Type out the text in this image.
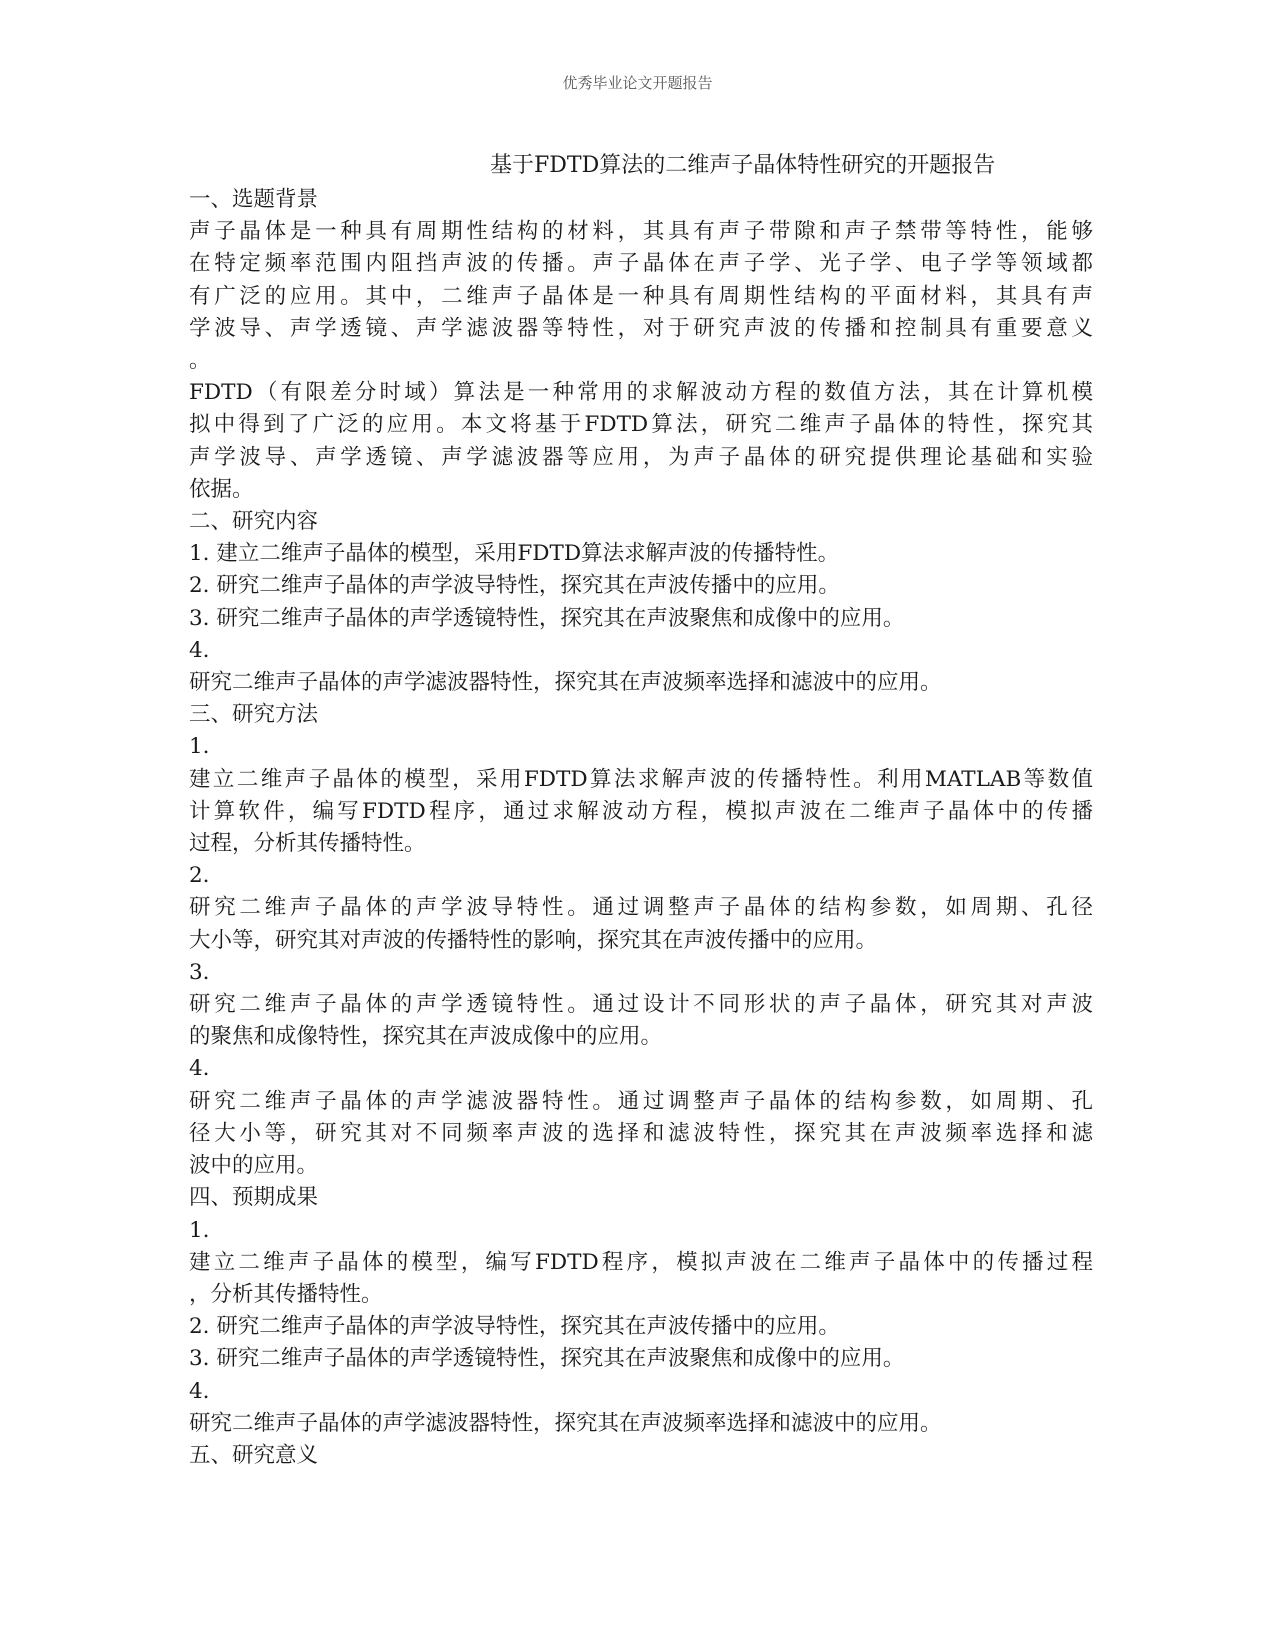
优秀毕业论文开题报告
基于FDTD算法的二维声子晶体特性研究的开题报告

一、选题背景

声子晶体是一种具有周期性结构的材料，其具有声子带隙和声子禁带等特性，能够

在特定频率范围内阻挡声波的传播。声子晶体在声子学、光子学、电子学等领域都

有广泛的应用。其中，二维声子晶体是一种具有周期性结构的平面材料，其具有声

学波导、声学透镜、声学滤波器等特性，对于研究声波的传播和控制具有重要意义

。

FDTD（有限差分时域）算法是一种常用的求解波动方程的数值方法，其在计算机模

拟中得到了广泛的应用。本文将基于FDTD算法，研究二维声子晶体的特性，探究其

声学波导、声学透镜、声学滤波器等应用，为声子晶体的研究提供理论基础和实验

依据。

二、研究内容

1. 建立二维声子晶体的模型，采用FDTD算法求解声波的传播特性。

2. 研究二维声子晶体的声学波导特性，探究其在声波传播中的应用。

3. 研究二维声子晶体的声学透镜特性，探究其在声波聚焦和成像中的应用。

4.

研究二维声子晶体的声学滤波器特性，探究其在声波频率选择和滤波中的应用。

三、研究方法

1.

建立二维声子晶体的模型，采用FDTD算法求解声波的传播特性。利用MATLAB等数值

计算软件，编写FDTD程序，通过求解波动方程，模拟声波在二维声子晶体中的传播

过程，分析其传播特性。

2.

研究二维声子晶体的声学波导特性。通过调整声子晶体的结构参数，如周期、孔径

大小等，研究其对声波的传播特性的影响，探究其在声波传播中的应用。

3.

研究二维声子晶体的声学透镜特性。通过设计不同形状的声子晶体，研究其对声波

的聚焦和成像特性，探究其在声波成像中的应用。

4.

研究二维声子晶体的声学滤波器特性。通过调整声子晶体的结构参数，如周期、孔

径大小等，研究其对不同频率声波的选择和滤波特性，探究其在声波频率选择和滤

波中的应用。

四、预期成果

1.

建立二维声子晶体的模型，编写FDTD程序，模拟声波在二维声子晶体中的传播过程

，分析其传播特性。

2. 研究二维声子晶体的声学波导特性，探究其在声波传播中的应用。

3. 研究二维声子晶体的声学透镜特性，探究其在声波聚焦和成像中的应用。

4.

研究二维声子晶体的声学滤波器特性，探究其在声波频率选择和滤波中的应用。

五、研究意义
